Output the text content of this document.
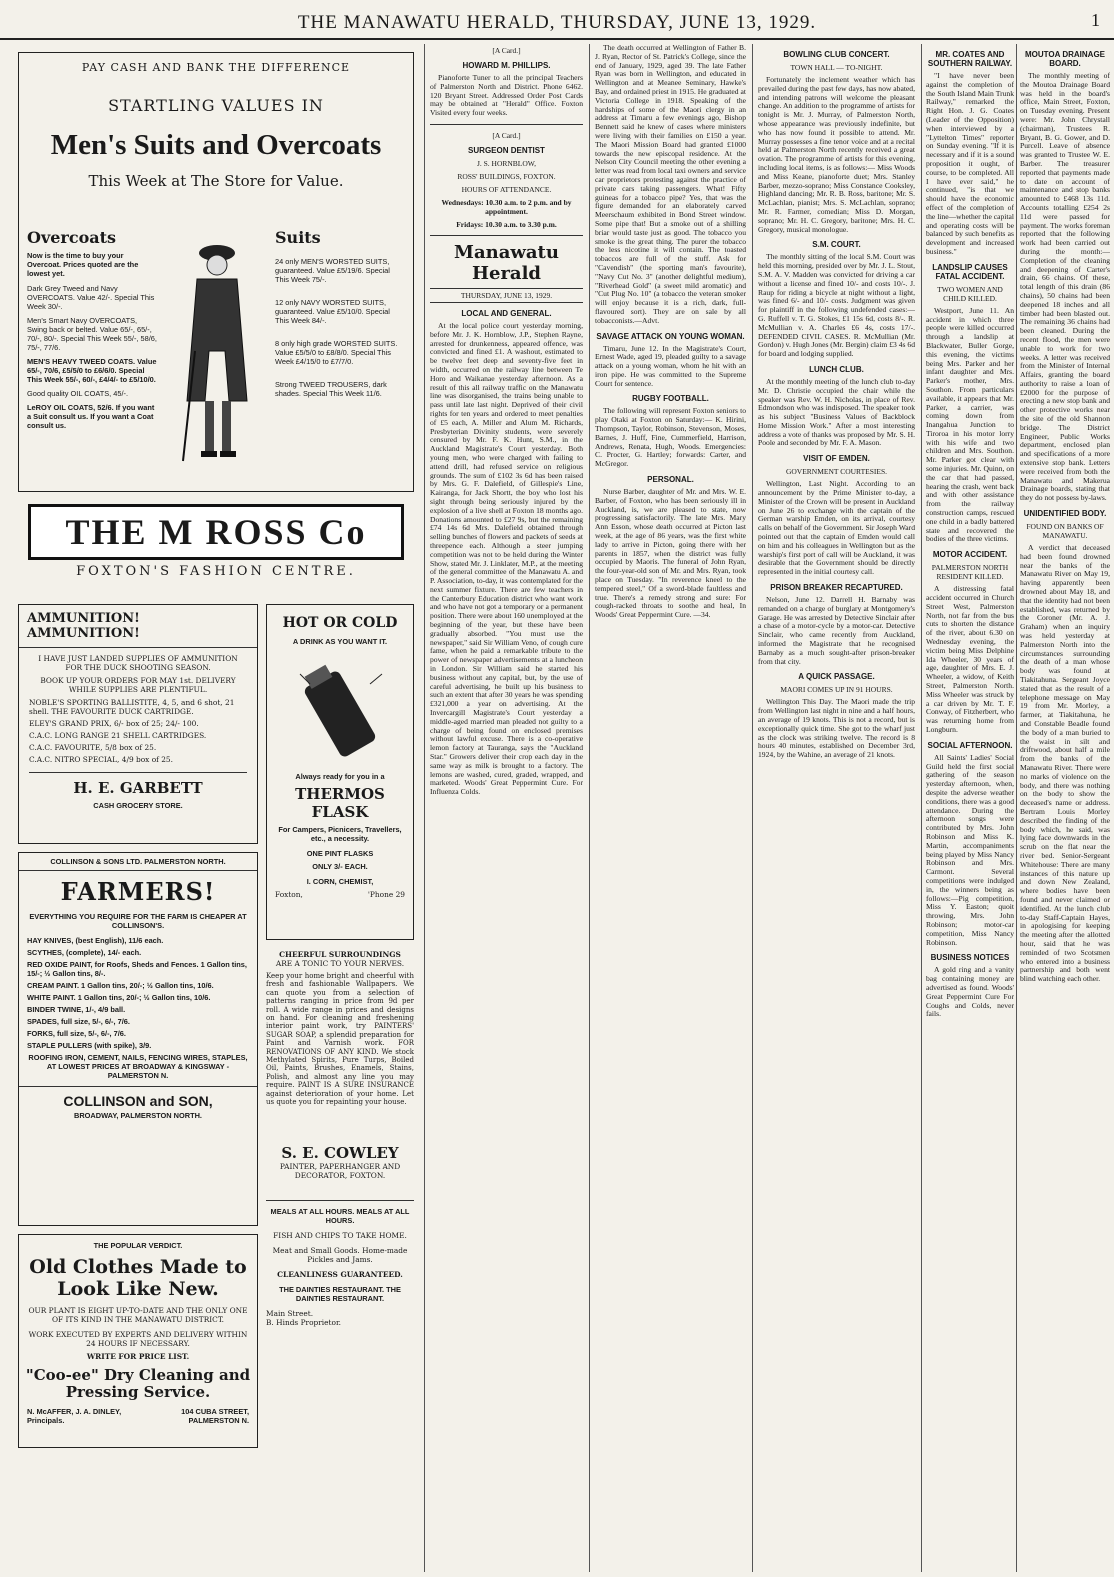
THE MANAWATU HERALD, THURSDAY, JUNE 13, 1929.	1
PAY CASH AND BANK THE DIFFERENCE
STARTLING VALUES IN
Men's Suits and Overcoats
This Week at The Store for Value.
Overcoats
Now is the time to buy your Overcoat. Prices quoted are the lowest yet.
Dark Grey Tweed and Navy OVERCOATS. Value 42/-. Special This Week 30/-.
Men's Smart Navy OVERCOATS, Swing back or belted. Value 65/-, 65/-, 70/-, 80/-. Special This Week 55/-, 58/6, 75/-, 77/6.
MEN'S HEAVY TWEED COATS. Value 65/-, 70/6, £5/5/0 to £6/6/0. Special This Week 55/-, 60/-, £4/4/- to £5/10/0.
Good quality OIL COATS, 45/-.
LeROY OIL COATS, 52/6. If you want a Suit consult us. If you want a Coat consult us.
Suits
24 only MEN'S WORSTED SUITS, guaranteed. Value £5/19/6. Special This Week 75/-.
12 only NAVY WORSTED SUITS, guaranteed. Value £5/10/0. Special This Week 84/-.
8 only high grade WORSTED SUITS. Value £5/5/0 to £8/8/0. Special This Week £4/15/0 to £7/7/0.
Strong TWEED TROUSERS, dark shades. Special This Week 11/6.
THE M ROSS Co
FOXTON'S FASHION CENTRE.
AMMUNITION! AMMUNITION!
I HAVE JUST LANDED SUPPLIES OF AMMUNITION FOR THE DUCK SHOOTING SEASON.
BOOK UP YOUR ORDERS FOR MAY 1st. DELIVERY WHILE SUPPLIES ARE PLENTIFUL.
NOBLE'S SPORTING BALLISTITE, 4, 5, and 6 shot, 21 shell. THE FAVOURITE DUCK CARTRIDGE.
ELEY'S GRAND PRIX, 6/- box of 25; 24/- 100.
C.A.C. LONG RANGE 21 SHELL CARTRIDGES.
C.A.C. FAVOURITE, 5/8 box of 25.
C.A.C. NITRO SPECIAL, 4/9 box of 25.
H. E. GARBETT
CASH GROCERY STORE.
HOT OR COLD
A DRINK AS YOU WANT IT.
Always ready for you in a
THERMOS FLASK
For Campers, Picnicers, Travellers, etc., a necessity.
ONE PINT FLASKS
ONLY 3/- EACH.
I. CORN, CHEMIST,
Foxton,	'Phone 29
COLLINSON & SONS LTD. PALMERSTON NORTH.
FARMERS!
EVERYTHING YOU REQUIRE FOR THE FARM IS CHEAPER AT COLLINSON'S.
HAY KNIVES, (best English), 11/6 each.
SCYTHES, (complete), 14/- each.
RED OXIDE PAINT, for Roofs, Sheds and Fences. 1 Gallon tins, 15/-; ½ Gallon tins, 8/-.
CREAM PAINT. 1 Gallon tins, 20/-; ½ Gallon tins, 10/6.
WHITE PAINT. 1 Gallon tins, 20/-; ½ Gallon tins, 10/6.
BINDER TWINE, 1/-, 4/9 ball.
SPADES, full size, 5/-, 6/-, 7/6.
FORKS, full size, 5/-, 6/-, 7/6.
STAPLE PULLERS (with spike), 3/9.
ROOFING IRON, CEMENT, NAILS, FENCING WIRES, STAPLES, AT LOWEST PRICES AT BROADWAY & KINGSWAY - PALMERSTON N.
COLLINSON and SON,
BROADWAY, PALMERSTON NORTH.
CHEERFUL SURROUNDINGS
ARE A TONIC TO YOUR NERVES.
Keep your home bright and cheerful with fresh and fashionable Wallpapers. We can quote you from a selection of patterns ranging in price from 9d per roll. A wide range in prices and designs on hand. For cleaning and freshening interior paint work, try PAINTERS' SUGAR SOAP, a splendid preparation for Paint and Varnish work. FOR RENOVATIONS OF ANY KIND. We stock Methylated Spirits, Pure Turps, Boiled Oil, Paints, Brushes, Enamels, Stains, Polish, and almost any line you may require. PAINT IS A SURE INSURANCE against deterioration of your home. Let us quote you for repainting your house.
S. E. COWLEY
PAINTER, PAPERHANGER AND DECORATOR, FOXTON.
MEALS AT ALL HOURS. MEALS AT ALL HOURS.
FISH AND CHIPS TO TAKE HOME.
Meat and Small Goods. Home-made Pickles and Jams.
CLEANLINESS GUARANTEED.
THE DAINTIES RESTAURANT. THE DAINTIES RESTAURANT.
Main Street.
B. Hinds Proprietor.
THE POPULAR VERDICT.
Old Clothes Made to Look Like New.
OUR PLANT IS EIGHT UP-TO-DATE AND THE ONLY ONE OF ITS KIND IN THE MANAWATU DISTRICT.
WORK EXECUTED BY EXPERTS AND DELIVERY WITHIN 24 HOURS IF NECESSARY.
WRITE FOR PRICE LIST.
"Coo-ee" Dry Cleaning and Pressing Service.
N. McAFFER, J. A. DINLEY, Principals.
104 CUBA STREET, PALMERSTON N.
[A Card.]
HOWARD M. PHILLIPS.

Pianoforte Tuner to all the principal Teachers of Palmerston North and District. Phone 6462. 120 Bryant Street. Addressed Order Post Cards may be obtained at "Herald" Office. Foxton Visited every four weeks.

[A Card.]
SURGEON DENTIST
J. S. HORNBLOW,
ROSS' BUILDINGS, FOXTON.
HOURS OF ATTENDANCE.
Wednesdays: 10.30 a.m. to 2 p.m. and by appointment.
Fridays: 10.30 a.m. to 3.30 p.m.
Manawatu Herald
THURSDAY, JUNE 13, 1929.
LOCAL AND GENERAL.

At the local police court yesterday morning, before Mr. J. K. Hornblow, J.P., Stephen Rayne, arrested for drunkenness, appeared offence, was convicted and fined £1. A washout, estimated to be twelve feet deep and seventy-five feet in width, occurred on the railway line between Te Horo and Waikanae yesterday afternoon. As a result of this all railway traffic on the Manawatu line was disorganised, the trains being unable to pass until late last night. Deprived of their civil rights for ten years and ordered to meet penalties of £5 each, A. Miller and Alum M. Richards, Presbyterian Divinity students, were severely censured by Mr. F. K. Hunt, S.M., in the Auckland Magistrate's Court yesterday. Both young men, who were charged with failing to attend drill, had refused service on religious grounds. The sum of £102 3s 6d has been raised by Mrs. G. F. Dalefield, of Gillespie's Line, Kairanga, for Jack Shortt, the boy who lost his sight through being seriously injured by the explosion of a live shell at Foxton 18 months ago. Donations amounted to £27 9s, but the remaining £74 14s 6d Mrs. Dalefield obtained through selling bunches of flowers and packets of seeds at threepence each. Although a steer jumping competition was not to be held during the Winter Show, stated Mr. J. Linklater, M.P., at the meeting of the general committee of the Manawatu A. and P. Association, to-day, it was contemplated for the next summer fixture. There are few teachers in the Canterbury Education district who want work and who have not got a temporary or a permanent position. There were about 160 unemployed at the beginning of the year, but these have been gradually absorbed. "You must use the newspaper," said Sir William Veno, of cough cure fame, when he paid a remarkable tribute to the power of newspaper advertisements at a luncheon in London. Sir William said he started his business without any capital, but, by the use of careful advertising, he built up his business to such an extent that after 30 years he was spending £321,000 a year on advertising. At the Invercargill Magistrate's Court yesterday a middle-aged married man pleaded not guilty to a charge of being found on enclosed premises without lawful excuse. There is a co-operative lemon factory at Tauranga, says the "Auckland Star." Growers deliver their crop each day in the same way as milk is brought to a factory. The lemons are washed, cured, graded, wrapped, and marketed. Woods' Great Peppermint Cure. For Influenza Colds.

The death occurred at Wellington of Father B. J. Ryan, Rector of St. Patrick's College, since the end of January, 1929, aged 39. The late Father Ryan was born in Wellington, and educated in Wellington and at Meanee Seminary, Hawke's Bay, and ordained priest in 1915. He graduated at Victoria College in 1918. Speaking of the hardships of some of the Maori clergy in an address at Timaru a few evenings ago, Bishop Bennett said he knew of cases where ministers were living with their families on £150 a year. The Maori Mission Board had granted £1000 towards the new episcopal residence. At the Nelson City Council meeting the other evening a letter was read from local taxi owners and service car proprietors protesting against the practice of private cars taking passengers. What! Fifty guineas for a tobacco pipe? Yes, that was the figure demanded for an elaborately carved Meerschaum exhibited in Bond Street window. Some pipe that! But a smoke out of a shilling briar would taste just as good. The tobacco you smoke is the great thing. The purer the tobacco the less nicotine it will contain. The toasted tobaccos are full of the stuff. Ask for "Cavendish" (the sporting man's favourite), "Navy Cut No. 3" (another delightful medium), "Riverhead Gold" (a sweet mild aromatic) and "Cut Plug No. 10" (a tobacco the veteran smoker will enjoy because it is a rich, dark, full-flavoured sort). They are on sale by all tobacconists.—Advt.

SAVAGE ATTACK ON YOUNG WOMAN.

Timaru, June 12. In the Magistrate's Court, Ernest Wade, aged 19, pleaded guilty to a savage attack on a young woman, whom he hit with an iron pipe. He was committed to the Supreme Court for sentence.

RUGBY FOOTBALL.

The following will represent Foxton seniors to play Otaki at Foxton on Saturday:— K. Hirini, Thompson, Taylor, Robinson, Stevenson, Moses, Barnes, J. Huff, Fine, Cummerfield, Harrison, Andrews, Renata, Hugh, Woods. Emergencies: C. Procter, G. Hartley; forwards: Carter, and McGregor.

PERSONAL.

Nurse Barber, daughter of Mr. and Mrs. W. E. Barber, of Foxton, who has been seriously ill in Auckland, is, we are pleased to state, now progressing satisfactorily. The late Mrs. Mary Ann Esson, whose death occurred at Picton last week, at the age of 86 years, was the first white lady to arrive in Picton, going there with her parents in 1857, when the district was fully occupied by Maoris. The funeral of John Ryan, the four-year-old son of Mr. and Mrs. Ryan, took place on Tuesday. "In reverence kneel to the tempered steel," Of a sword-blade faultless and true. There's a remedy strong and sure: For cough-racked throats to soothe and heal, In Woods' Great Peppermint Cure. —34.

BOWLING CLUB CONCERT.
TOWN HALL — TO-NIGHT.

Fortunately the inclement weather which has prevailed during the past few days, has now abated, and intending patrons will welcome the pleasant change. An addition to the programme of artists for tonight is Mr. J. Murray, of Palmerston North, whose appearance was previously indefinite, but who has now found it possible to attend. Mr. Murray possesses a fine tenor voice and at a recital held at Palmerston North recently received a great ovation. The programme of artists for this evening, including local items, is as follows:— Miss Woods and Miss Keane, pianoforte duet; Mrs. Stanley Barber, mezzo-soprano; Miss Constance Cooksley, Highland dancing; Mr. R. B. Ross, baritone; Mr. S. McLachlan, pianist; Mrs. S. McLachlan, soprano; Mr. R. Farmer, comedian; Miss D. Morgan, soprano; Mr. H. C. Gregory, baritone; Mrs. H. C. Gregory, musical monologue.

S.M. COURT.

The monthly sitting of the local S.M. Court was held this morning, presided over by Mr. J. L. Stout, S.M. A. V. Madden was convicted for driving a car without a license and fined 10/- and costs 10/-. J. Raup for riding a bicycle at night without a light, was fined 6/- and 10/- costs. Judgment was given for plaintiff in the following undefended cases:— G. Ruffell v. T. G. Stokes, £1 15s 6d, costs 8/-. R. McMullian v. A. Charles £6 4s, costs 17/-. DEFENDED CIVIL CASES. R. McMullian (Mr. Gordon) v. Hugh Jones (Mr. Bergin) claim £3 4s 6d for board and lodging supplied.

LUNCH CLUB.

At the monthly meeting of the lunch club to-day Mr. D. Christie occupied the chair while the speaker was Rev. W. H. Nicholas, in place of Rev. Edmondson who was indisposed. The speaker took as his subject "Business Values of Backblock Home Mission Work." After a most interesting address a vote of thanks was proposed by Mr. S. H. Poole and seconded by Mr. F. A. Mason.

VISIT OF EMDEN.
GOVERNMENT COURTESIES.

Wellington, Last Night. According to an announcement by the Prime Minister to-day, a Minister of the Crown will be present in Auckland on June 26 to exchange with the captain of the German warship Emden, on its arrival, courtesy calls on behalf of the Government. Sir Joseph Ward pointed out that the captain of Emden would call on him and his colleagues in Wellington but as the warship's first port of call will be Auckland, it was desirable that the Government should be directly represented in the initial courtesy call.

PRISON BREAKER RECAPTURED.

Nelson, June 12. Darrell H. Barnaby was remanded on a charge of burglary at Montgomery's Garage. He was arrested by Detective Sinclair after a chase of a motor-cycle by a motor-car. Detective Sinclair, who came recently from Auckland, informed the Magistrate that he recognised Barnaby as a much sought-after prison-breaker from that city.

A QUICK PASSAGE.
MAORI COMES UP IN 91 HOURS.

Wellington This Day. The Maori made the trip from Wellington last night in nine and a half hours, an average of 19 knots. This is not a record, but is exceptionally quick time. She got to the wharf just as the clock was striking twelve. The record is 8 hours 40 minutes, established on December 3rd, 1924, by the Wahine, an average of 21 knots.

MOUTOA DRAINAGE BOARD.

The monthly meeting of the Moutoa Drainage Board was held in the board's office, Main Street, Foxton, on Tuesday evening. Present were: Mr. John Chrystall (chairman), Trustees R. Bryant, B. G. Gower, and D. Purcell. Leave of absence was granted to Trustee W. E. Barber. The treasurer reported that payments made to date on account of maintenance and stop banks amounted to £468 13s 11d. Accounts totalling £254 2s 11d were passed for payment. The works foreman reported that the following work had been carried out during the month:—Completion of the cleaning and deepening of Carter's drain, 66 chains. Of these, total length of this drain (86 chains), 50 chains had been deepened 18 inches and all timber had been blasted out. The remaining 36 chains had been cleaned. During the recent flood, the men were unable to work for two weeks. A letter was received from the Minister of Internal Affairs, granting the board authority to raise a loan of £2000 for the purpose of erecting a new stop bank and other protective works near the site of the old Shannon bridge. The District Engineer, Public Works department, enclosed plan and specifications of a more extensive stop bank. Letters were received from both the Manawatu and Makerua Drainage boards, stating that they do not possess by-laws.

UNIDENTIFIED BODY.
FOUND ON BANKS OF MANAWATU.

A verdict that deceased had been found drowned near the banks of the Manawatu River on May 19, having apparently been drowned about May 18, and that the identity had not been established, was returned by the Coroner (Mr. A. J. Graham) when an inquiry was held yesterday at Palmerston North into the circumstances surrounding the death of a man whose body was found at Tiakitahuna. Sergeant Joyce stated that as the result of a telephone message on May 19 from Mr. Morley, a farmer, at Tiakitahuna, he and Constable Beadle found the body of a man buried to the waist in silt and driftwood, about half a mile from the banks of the Manawatu River. There were no marks of violence on the body, and there was nothing on the body to show the deceased's name or address. Bertram Louis Morley described the finding of the body which, he said, was lying face downwards in the scrub on the flat near the river bed. Senior-Sergeant Whitehouse: There are many instances of this nature up and down New Zealand, where bodies have been found and never claimed or identified. At the lunch club to-day Staff-Captain Hayes, in apologising for keeping the meeting after the allotted hour, said that he was reminded of two Scotsmen who entered into a business partnership and both went blind watching each other.

MR. COATES AND SOUTHERN RAILWAY.

"I have never been against the completion of the South Island Main Trunk Railway," remarked the Right Hon. J. G. Coates (Leader of the Opposition) when interviewed by a "Lyttelton Times" reporter on Sunday evening. "If it is necessary and if it is a sound proposition it ought, of course, to be completed. All I have ever said," he continued, "is that we should have the economic effect of the completion of the line—whether the capital and operating costs will be balanced by such benefits as development and increased business."

LANDSLIP CAUSES FATAL ACCIDENT.
TWO WOMEN AND CHILD KILLED.

Westport, June 11. An accident in which three people were killed occurred through a landslip at Blackwater, Buller Gorge, this evening, the victims being Mrs. Parker and her infant daughter and Mrs. Parker's mother, Mrs. Southon. From particulars available, it appears that Mr. Parker, a carrier, was coming down from Inangahua Junction to Tiroroa in his motor lorry with his wife and two children and Mrs. Southon. Mr. Parker got clear with some injuries. Mr. Quinn, on the car that had passed, hearing the crash, went back and with other assistance from the railway construction camps, rescued one child in a badly battered state and recovered the bodies of the three victims.

MOTOR ACCIDENT.
PALMERSTON NORTH RESIDENT KILLED.

A distressing fatal accident occurred in Church Street West, Palmerston North, not far from the bus cuts to shorten the distance of the river, about 6.30 on Wednesday evening, the victim being Miss Delphine Ida Wheeler, 30 years of age, daughter of Mrs. E. J. Wheeler, a widow, of Keith Street, Palmerston North. Miss Wheeler was struck by a car driven by Mr. T. F. Conway, of Fitzherbert, who was returning home from Longburn.

SOCIAL AFTERNOON.

All Saints' Ladies' Social Guild held the first social gathering of the season yesterday afternoon, when, despite the adverse weather conditions, there was a good attendance. During the afternoon songs were contributed by Mrs. John Robinson and Miss K. Martin, accompaniments being played by Miss Nancy Robinson and Mrs. Carmont. Several competitions were indulged in, the winners being as follows:—Pig competition, Miss Y. Easton; quoit throwing, Mrs. John Robinson; motor-car competition, Miss Nancy Robinson.

BUSINESS NOTICES

A gold ring and a vanity bag containing money are advertised as found. Woods' Great Peppermint Cure For Coughs and Colds, never fails.
